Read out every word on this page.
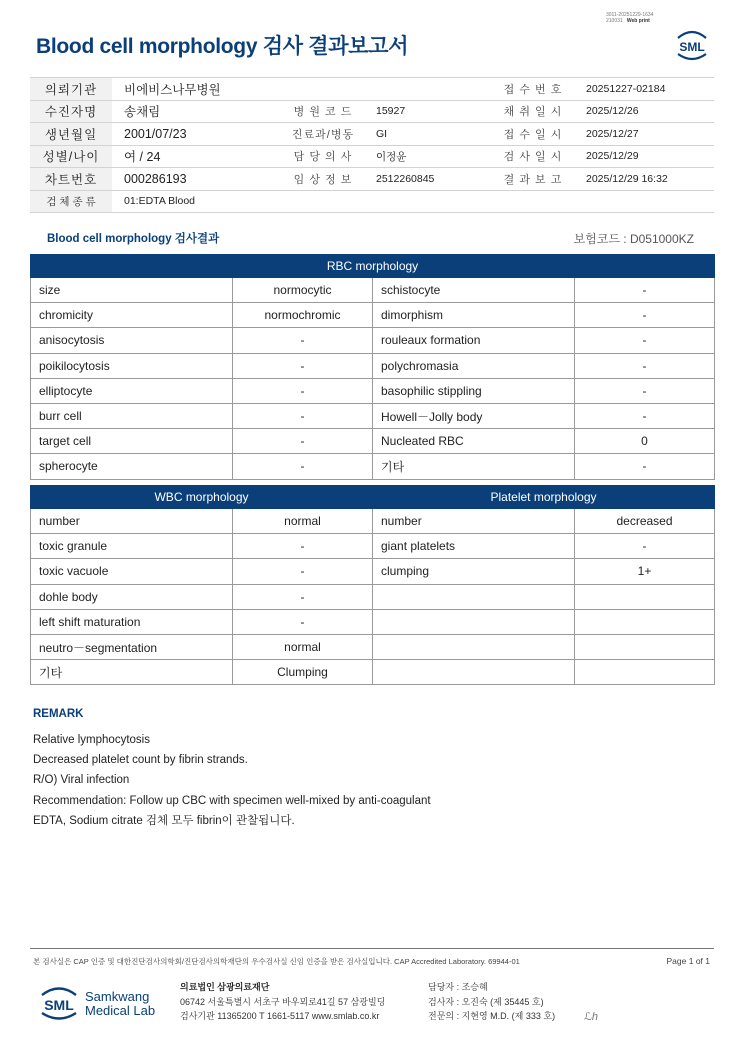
3011-20251229-1634
210031 Web print
Blood cell morphology 검사 결과보고서	SML
의뢰기관	비에비스나무병원			접 수 번 호	20251227-02184
수진자명	송채림	병 원 코 드	15927	채 취 일 시	2025/12/26
생년월일	2001/07/23	진료과/병동	GI	접 수 일 시	2025/12/27
성별/나이	여 / 24	담 당 의 사	이정윤	검 사 일 시	2025/12/29
차트번호	000286193	임 상 정 보	2512260845	결 과 보 고	2025/12/29 16:32
검 체 종 류	01:EDTA Blood				
Blood cell morphology 검사결과	보험코드 : D051000KZ
RBC morphology			
size	normocytic	schistocyte	-
chromicity	normochromic	dimorphism	-
anisocytosis	-	rouleaux formation	-
poikilocytosis	-	polychromasia	-
elliptocyte	-	basophilic stippling	-
burr cell	-	Howell－Jolly body	-
target cell	-	Nucleated RBC	0
spherocyte	-	기타	-
WBC morphology		Platelet morphology	
number	normal	number	decreased
toxic granule	-	giant platelets	-
toxic vacuole	-	clumping	1+
dohle body	-		
left shift maturation	-		
neutro－segmentation	normal		
기타	Clumping		
REMARK
Relative lymphocytosis
Decreased platelet count by fibrin strands.
R/O) Viral infection
Recommendation: Follow up CBC with specimen well-mixed by anti-coagulant
EDTA, Sodium citrate 검체 모두 fibrin이 관찰됩니다.
본 검사실은 CAP 인증 및 대한진단검사의학회/진단검사의학재단의 우수검사실 신임 인증을 받은 검사실입니다. CAP Accredited Laboratory. 69944-01	Page 1 of 1
SML
Samkwang
Medical Lab
의료법인 삼광의료재단
06742 서울특별시 서초구 바우뫼로41길 57 삼광빌딩
검사기관 11365200 T 1661-5117 www.smlab.co.kr
담당자 : 조승혜
검사자 : 오진숙 (제 35445 호)
전문의 : 지현영 M.D. (제 333 호)	ℒh
